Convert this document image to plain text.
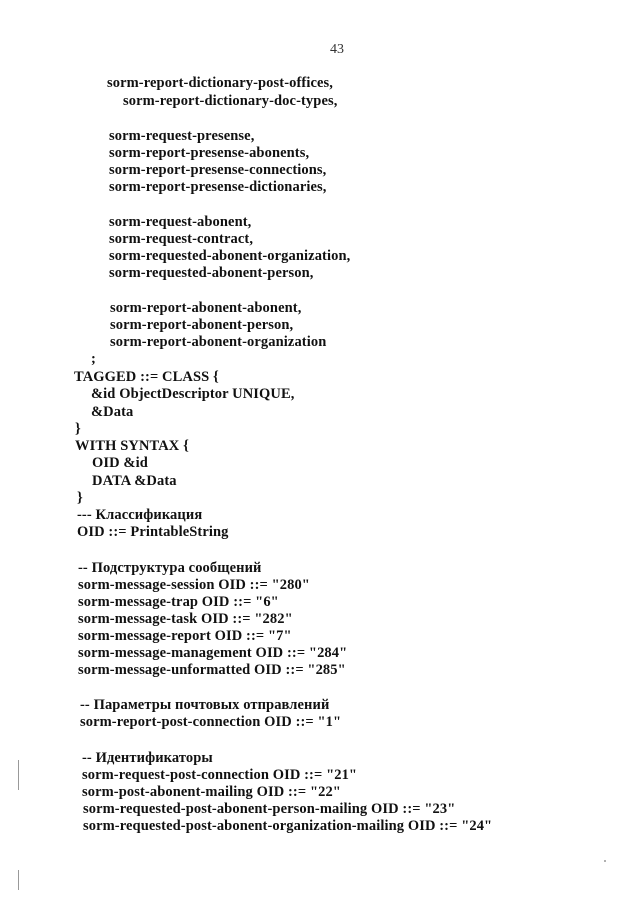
43
sorm-report-dictionary-post-offices,
sorm-report-dictionary-doc-types,
sorm-request-presense,
sorm-report-presense-abonents,
sorm-report-presense-connections,
sorm-report-presense-dictionaries,
sorm-request-abonent,
sorm-request-contract,
sorm-requested-abonent-organization,
sorm-requested-abonent-person,
sorm-report-abonent-abonent,
sorm-report-abonent-person,
sorm-report-abonent-organization
;
TAGGED ::= CLASS {
&id ObjectDescriptor UNIQUE,
&Data
}
WITH SYNTAX {
OID &id
DATA &Data
}
--- Классификация
OID ::= PrintableString
-- Подструктура сообщений
sorm-message-session OID ::= "280"
sorm-message-trap OID ::= "6"
sorm-message-task OID ::= "282"
sorm-message-report OID ::= "7"
sorm-message-management OID ::= "284"
sorm-message-unformatted OID ::= "285"
-- Параметры почтовых отправлений
sorm-report-post-connection OID ::= "1"
-- Идентификаторы
sorm-request-post-connection OID ::= "21"
sorm-post-abonent-mailing OID ::= "22"
sorm-requested-post-abonent-person-mailing OID ::= "23"
sorm-requested-post-abonent-organization-mailing OID ::= "24"
